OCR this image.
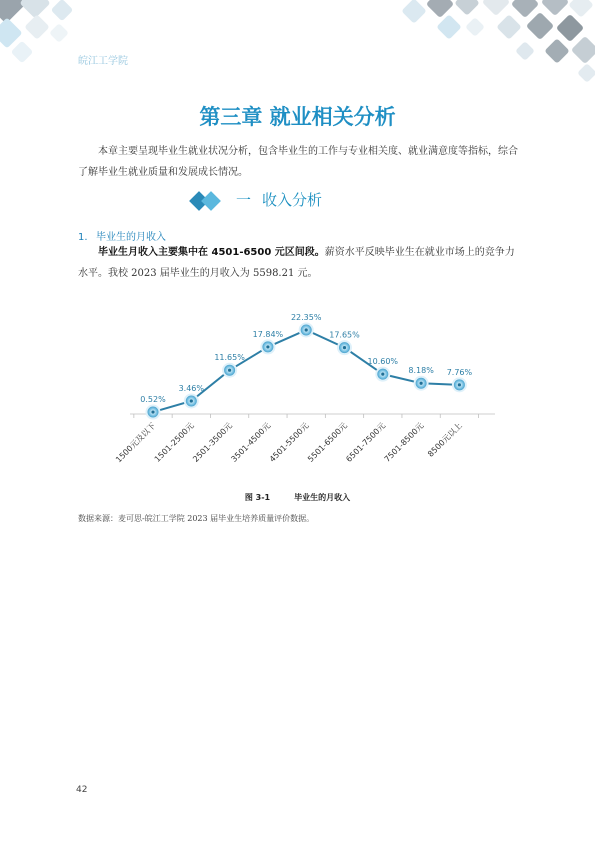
皖江工学院
第三章 就业相关分析

本章主要呈现毕业生就业状况分析，包含毕业生的工作与专业相关度、就业满意度等指标，综合了解毕业生就业质量和发展成长情况。

一 收入分析
1. 毕业生的月收入

毕业生月收入主要集中在 4501-6500 元区间段。薪资水平反映毕业生在就业市场上的竞争力水平。我校 2023 届毕业生的月收入为 5598.21 元。

0.52%
3.46%
11.65%
17.84%
22.35%
17.65%
10.60%
8.18% 7.76%
1500元及以下
1501-2500元
2501-3500元
3501-4500元
4501-5500元
5501-6500元
6501-7500元
7501-8500元 8500元以上
图 3-1	毕业生的月收入
数据来源：麦可思-皖江工学院 2023 届毕业生培养质量评价数据。
42
